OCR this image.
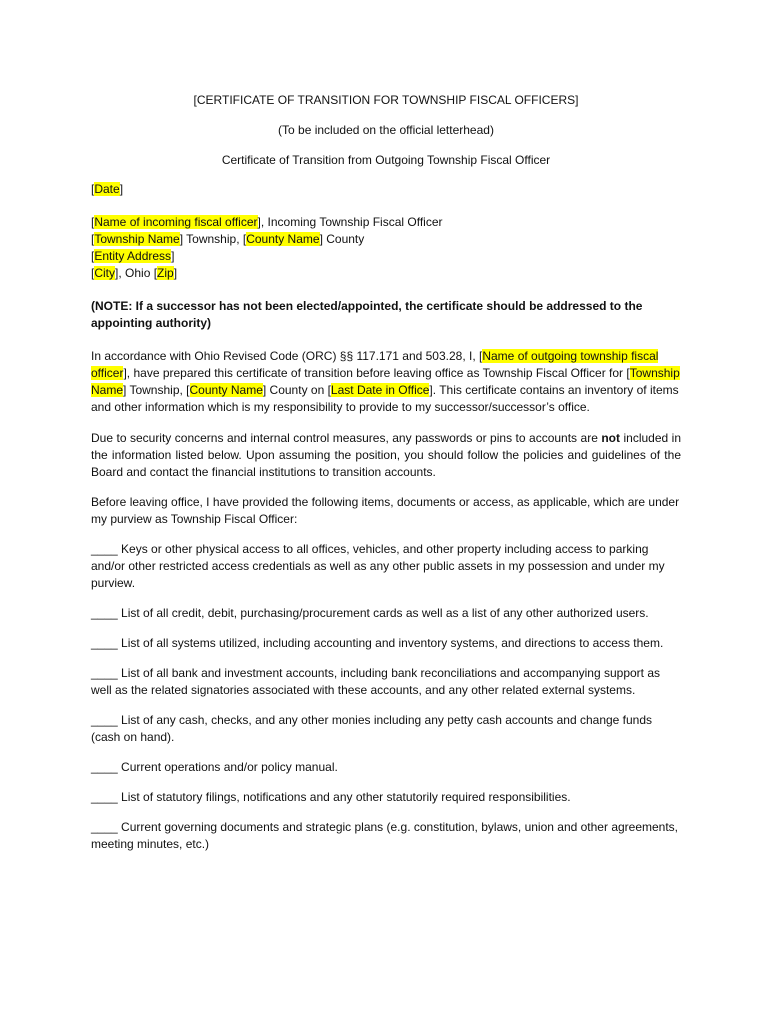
[CERTIFICATE OF TRANSITION FOR TOWNSHIP FISCAL OFFICERS]

(To be included on the official letterhead)

Certificate of Transition from Outgoing Township Fiscal Officer

[Date]

[Name of incoming fiscal officer], Incoming Township Fiscal Officer

[Township Name] Township, [County Name] County

[Entity Address]

[City], Ohio [Zip]

(NOTE: If a successor has not been elected/appointed, the certificate should be addressed to the appointing authority)

In accordance with Ohio Revised Code (ORC) §§ 117.171 and 503.28, I, [Name of outgoing township fiscal officer], have prepared this certificate of transition before leaving office as Township Fiscal Officer for [Township Name] Township, [County Name] County on [Last Date in Office]. This certificate contains an inventory of items and other information which is my responsibility to provide to my successor/successor’s office.

Due to security concerns and internal control measures, any passwords or pins to accounts are not included in the information listed below. Upon assuming the position, you should follow the policies and guidelines of the Board and contact the financial institutions to transition accounts.

Before leaving office, I have provided the following items, documents or access, as applicable, which are under my purview as Township Fiscal Officer:

____ Keys or other physical access to all offices, vehicles, and other property including access to parking and/or other restricted access credentials as well as any other public assets in my possession and under my purview.

____ List of all credit, debit, purchasing/procurement cards as well as a list of any other authorized users.

____ List of all systems utilized, including accounting and inventory systems, and directions to access them.

____ List of all bank and investment accounts, including bank reconciliations and accompanying support as well as the related signatories associated with these accounts, and any other related external systems.

____ List of any cash, checks, and any other monies including any petty cash accounts and change funds (cash on hand).

____ Current operations and/or policy manual.

____ List of statutory filings, notifications and any other statutorily required responsibilities.

____ Current governing documents and strategic plans (e.g. constitution, bylaws, union and other agreements, meeting minutes, etc.)
